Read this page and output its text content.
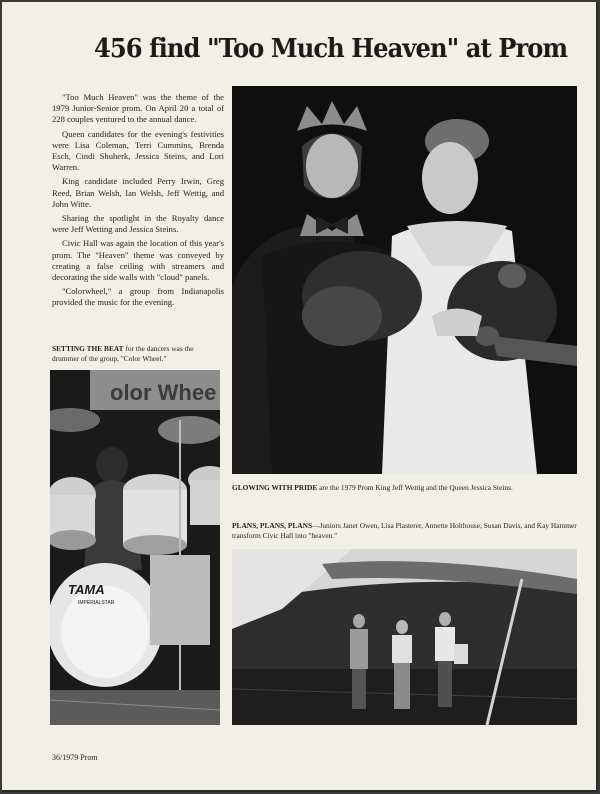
456 find "Too Much Heaven" at Prom

"Too Much Heaven" was the theme of the 1979 Junior-Senior prom. On April 20 a total of 228 couples ventured to the annual dance.

Queen candidates for the evening's festivities were Lisa Coleman, Terri Cummins, Brenda Esch, Cindi Shuherk, Jessica Steins, and Lori Warren.

King candidate included Perry Irwin, Greg Reed, Brian Welsh, Ian Welsh, Jeff Wettig, and John Witte.

Sharing the spotlight in the Royalty dance were Jeff Wetting and Jessica Steins.

Civic Hall was again the location of this year's prom. The "Heaven" theme was conveyed by creating a false ceiling with streamers and decorating the side walls with "cloud" panels.

"Colorwheel," a group from Indianapolis provided the music for the evening.

SETTING THE BEAT for the dancers was the drummer of the group, "Color Wheel."
olor Whee
TAMA
IMPERIALSTAR
GLOWING WITH PRIDE are the 1979 Prom King Jeff Wettig and the Queen Jessica Steins.
PLANS, PLANS, PLANS—Juniors Janet Owen, Lisa Plasterer, Annette Holthouse, Susan Davis, and Kay Hammer transform Civic Hall into "heaven."
36/1979 Prom
